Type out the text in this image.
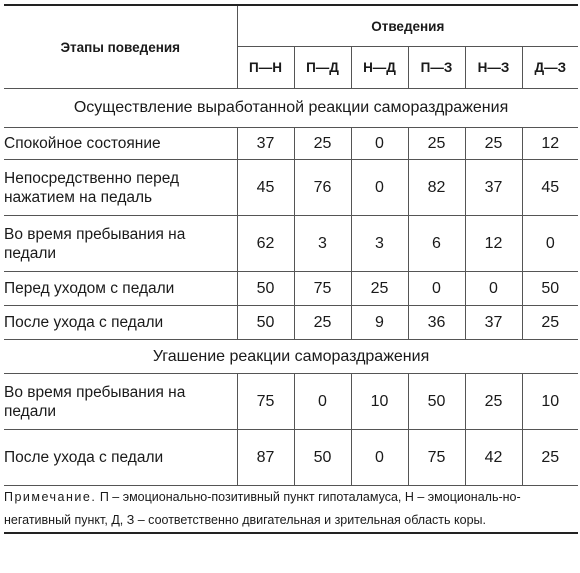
Этапы поведения	Отведения					
	П—Н	П—Д	Н—Д	П—З	Н—З	Д—З
Осуществление выработанной реакции самораздражения						
Спокойное состояние	37	25	0	25	25	12
Непосредственно перед нажатием на педаль	45	76	0	82	37	45
Во время пребывания на педали	62	3	3	6	12	0
Перед уходом с педали	50	75	25	0	0	50
После ухода с педали	50	25	9	36	37	25
Угашение реакции самораздражения						
Во время пребывания на педали	75	0	10	50	25	10
После ухода с педали	87	50	0	75	42	25
Примечание. П – эмоционально-позитивный пункт гипоталамуса, Н – эмоциональ-но-негативный пункт, Д, З – соответственно двигательная и зрительная область коры.						
